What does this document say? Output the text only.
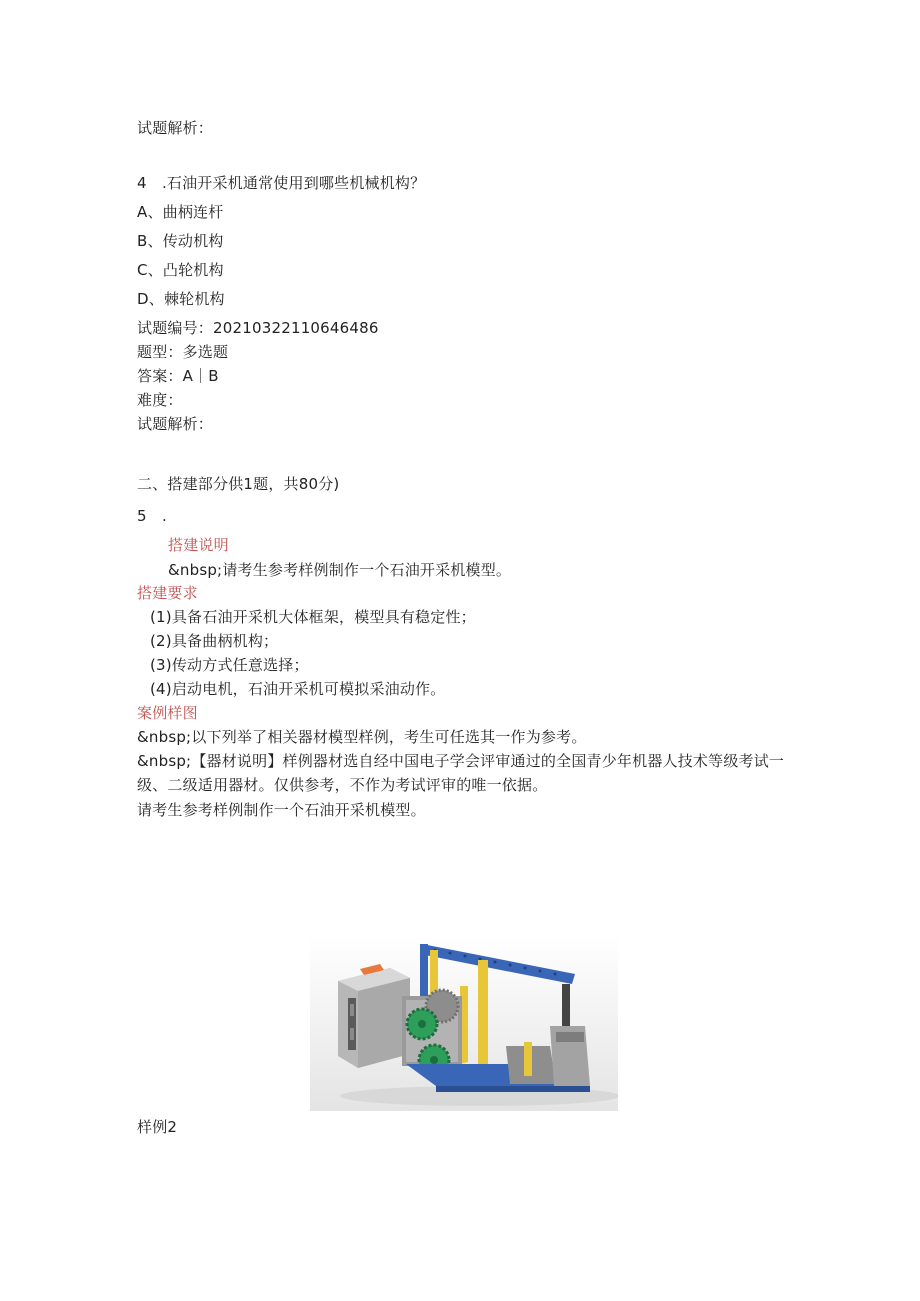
试题解析：
4　.石油开采机通常使用到哪些机械机构？
A、曲柄连杆
B、传动机构
C、凸轮机构
D、棘轮机构
试题编号：20210322110646486
题型：多选题
答案：A｜B
难度：
试题解析：
二、搭建部分供1题，共80分)
5　.
搭建说明
&nbsp;请考生参考样例制作一个石油开采机模型。
搭建要求
(1)具备石油开采机大体框架，模型具有稳定性；
(2)具备曲柄机构；
(3)传动方式任意选择；
(4)启动电机，石油开采机可模拟采油动作。
案例样图
&nbsp;以下列举了相关器材模型样例，考生可任选其一作为参考。
&nbsp;【器材说明】样例器材选自经中国电子学会评审通过的全国青少年机器人技术等级考试一
级、二级适用器材。仅供参考，不作为考试评审的唯一依据。
请考生参考样例制作一个石油开采机模型。
样例2
